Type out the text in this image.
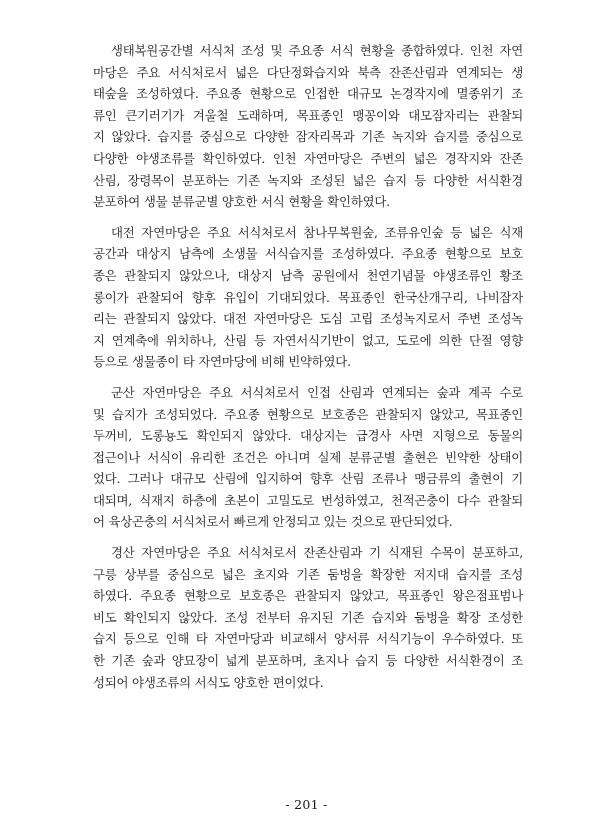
생태복원공간별 서식처 조성 및 주요종 서식 현황을 종합하였다. 인천 자연
마당은 주요 서식처로서 넓은 다단정화습지와 북측 잔존산림과 연계되는 생
태숲을 조성하였다. 주요종 현황으로 인접한 대규모 논경작지에 멸종위기 조
류인 큰기러기가 겨울철 도래하며, 목표종인 맹꽁이와 대모잠자리는 관찰되
지 않았다. 습지를 중심으로 다양한 잠자리목과 기존 녹지와 습지를 중심으로
다양한 야생조류를 확인하였다. 인천 자연마당은 주변의 넓은 경작지와 잔존
산림, 장령목이 분포하는 기존 녹지와 조성된 넓은 습지 등 다양한 서식환경
분포하여 생물 분류군별 양호한 서식 현황을 확인하였다.

대전 자연마당은 주요 서식처로서 참나무복원숲, 조류유인숲 등 넓은 식재
공간과 대상지 남측에 소생물 서식습지를 조성하였다. 주요종 현황으로 보호
종은 관찰되지 않았으나, 대상지 남측 공원에서 천연기념물 야생조류인 황조
롱이가 관찰되어 향후 유입이 기대되었다. 목표종인 한국산개구리, 나비잠자
리는 관찰되지 않았다. 대전 자연마당은 도심 고립 조성녹지로서 주변 조성녹
지 연계축에 위치하나, 산림 등 자연서식기반이 없고, 도로에 의한 단절 영향
등으로 생물종이 타 자연마당에 비해 빈약하였다.

군산 자연마당은 주요 서식처로서 인접 산림과 연계되는 숲과 계곡 수로
및 습지가 조성되었다. 주요종 현황으로 보호종은 관찰되지 않았고, 목표종인
두꺼비, 도롱뇽도 확인되지 않았다. 대상지는 급경사 사면 지형으로 동물의
접근이나 서식이 유리한 조건은 아니며 실제 분류군별 출현은 빈약한 상태이
었다. 그러나 대규모 산림에 입지하여 향후 산림 조류나 맹금류의 출현이 기
대되며, 식재지 하층에 초본이 고밀도로 번성하였고, 천적곤충이 다수 관찰되
어 육상곤충의 서식처로서 빠르게 안정되고 있는 것으로 판단되었다.

경산 자연마당은 주요 서식처로서 잔존산림과 기 식재된 수목이 분포하고,
구릉 상부를 중심으로 넓은 초지와 기존 둠벙을 확장한 저지대 습지를 조성
하였다. 주요종 현황으로 보호종은 관찰되지 않았고, 목표종인 왕은점표범나
비도 확인되지 않았다. 조성 전부터 유지된 기존 습지와 둠벙을 확장 조성한
습지 등으로 인해 타 자연마당과 비교해서 양서류 서식기능이 우수하였다. 또
한 기존 숲과 양묘장이 넓게 분포하며, 초지나 습지 등 다양한 서식환경이 조
성되어 야생조류의 서식도 양호한 편이었다.

- 201 -
